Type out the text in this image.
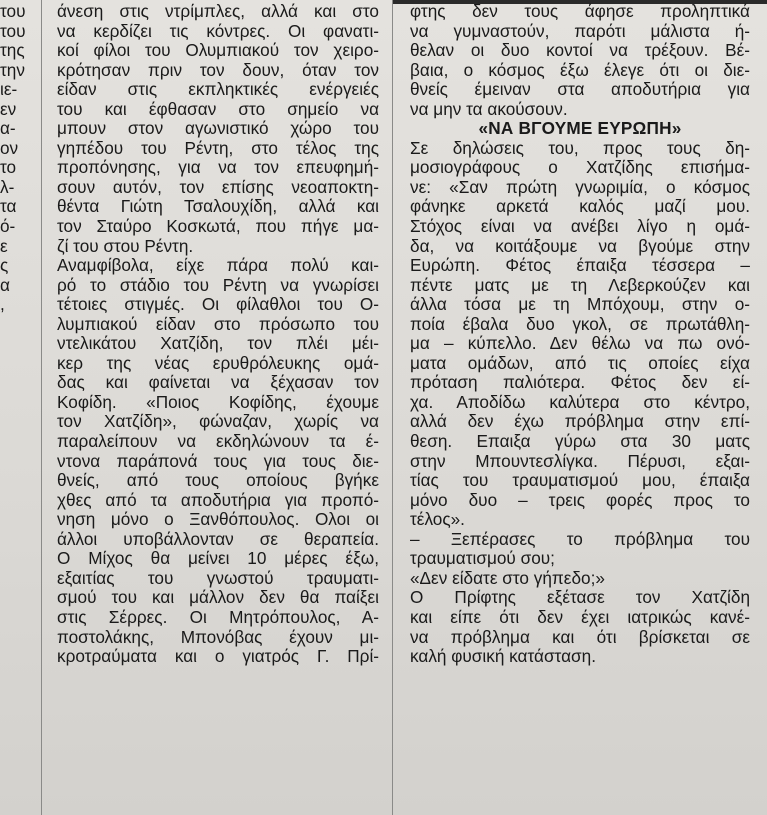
του
του
της
την
ιε-
εν
α-
ον
το
λ-
τα
ό-
ε
ς
α
,
άνεση στις ντρίμπλες, αλλά και στο
να κερδίζει τις κόντρες. Οι φανατι-
κοί φίλοι του Ολυμπιακού τον χειρο-
κρότησαν πριν τον δουν, όταν τον
είδαν στις εκπληκτικές ενέργειές
του και έφθασαν στο σημείο να
μπουν στον αγωνιστικό χώρο του
γηπέδου του Ρέντη, στο τέλος της
προπόνησης, για να τον επευφημή-
σουν αυτόν, τον επίσης νεοαποκτη-
θέντα Γιώτη Τσαλουχίδη, αλλά και
τον Σταύρο Κοσκωτά, που πήγε μα-
ζί του στου Ρέντη.
Αναμφίβολα, είχε πάρα πολύ και-
ρό το στάδιο του Ρέντη να γνωρίσει
τέτοιες στιγμές. Οι φίλαθλοι του Ο-
λυμπιακού είδαν στο πρόσωπο του
ντελικάτου Χατζίδη, τον πλέι μέι-
κερ της νέας ερυθρόλευκης ομά-
δας και φαίνεται να ξέχασαν τον
Κοφίδη. «Ποιος Κοφίδης, έχουμε
τον Χατζίδη», φώναζαν, χωρίς να
παραλείπουν να εκδηλώνουν τα έ-
ντονα παράπονά τους για τους διε-
θνείς, από τους οποίους βγήκε
χθες από τα αποδυτήρια για προπό-
νηση μόνο ο Ξανθόπουλος. Ολοι οι
άλλοι υποβάλλονταν σε θεραπεία.
Ο Μίχος θα μείνει 10 μέρες έξω,
εξαιτίας του γνωστού τραυματι-
σμού του και μάλλον δεν θα παίξει
στις Σέρρες. Οι Μητρόπουλος, Α-
ποστολάκης, Μπονόβας έχουν μι-
κροτραύματα και ο γιατρός Γ. Πρί-
φτης δεν τους άφησε προληπτικά
να γυμναστούν, παρότι μάλιστα ή-
θελαν οι δυο κοντοί να τρέξουν. Βέ-
βαια, ο κόσμος έξω έλεγε ότι οι διε-
θνείς έμειναν στα αποδυτήρια για
να μην τα ακούσουν.
«ΝΑ ΒΓΟΥΜΕ ΕΥΡΩΠΗ»
Σε δηλώσεις του, προς τους δη-
μοσιογράφους ο Χατζίδης επισήμα-
νε: «Σαν πρώτη γνωριμία, ο κόσμος
φάνηκε αρκετά καλός μαζί μου.
Στόχος είναι να ανέβει λίγο η ομά-
δα, να κοιτάξουμε να βγούμε στην
Ευρώπη. Φέτος έπαιξα τέσσερα –
πέντε ματς με τη Λεβερκούζεν και
άλλα τόσα με τη Μπόχουμ, στην ο-
ποία έβαλα δυο γκολ, σε πρωτάθλη-
μα – κύπελλο. Δεν θέλω να πω ονό-
ματα ομάδων, από τις οποίες είχα
πρόταση παλιότερα. Φέτος δεν εί-
χα. Αποδίδω καλύτερα στο κέντρο,
αλλά δεν έχω πρόβλημα στην επί-
θεση. Επαιξα γύρω στα 30 ματς
στην Μπουντεσλίγκα. Πέρυσι, εξαι-
τίας του τραυματισμού μου, έπαιξα
μόνο δυο – τρεις φορές προς το
τέλος».
– Ξεπέρασες το πρόβλημα του
τραυματισμού σου;
«Δεν είδατε στο γήπεδο;»
Ο Πρίφτης εξέτασε τον Χατζίδη
και είπε ότι δεν έχει ιατρικώς κανέ-
να πρόβλημα και ότι βρίσκεται σε
καλή φυσική κατάσταση.
